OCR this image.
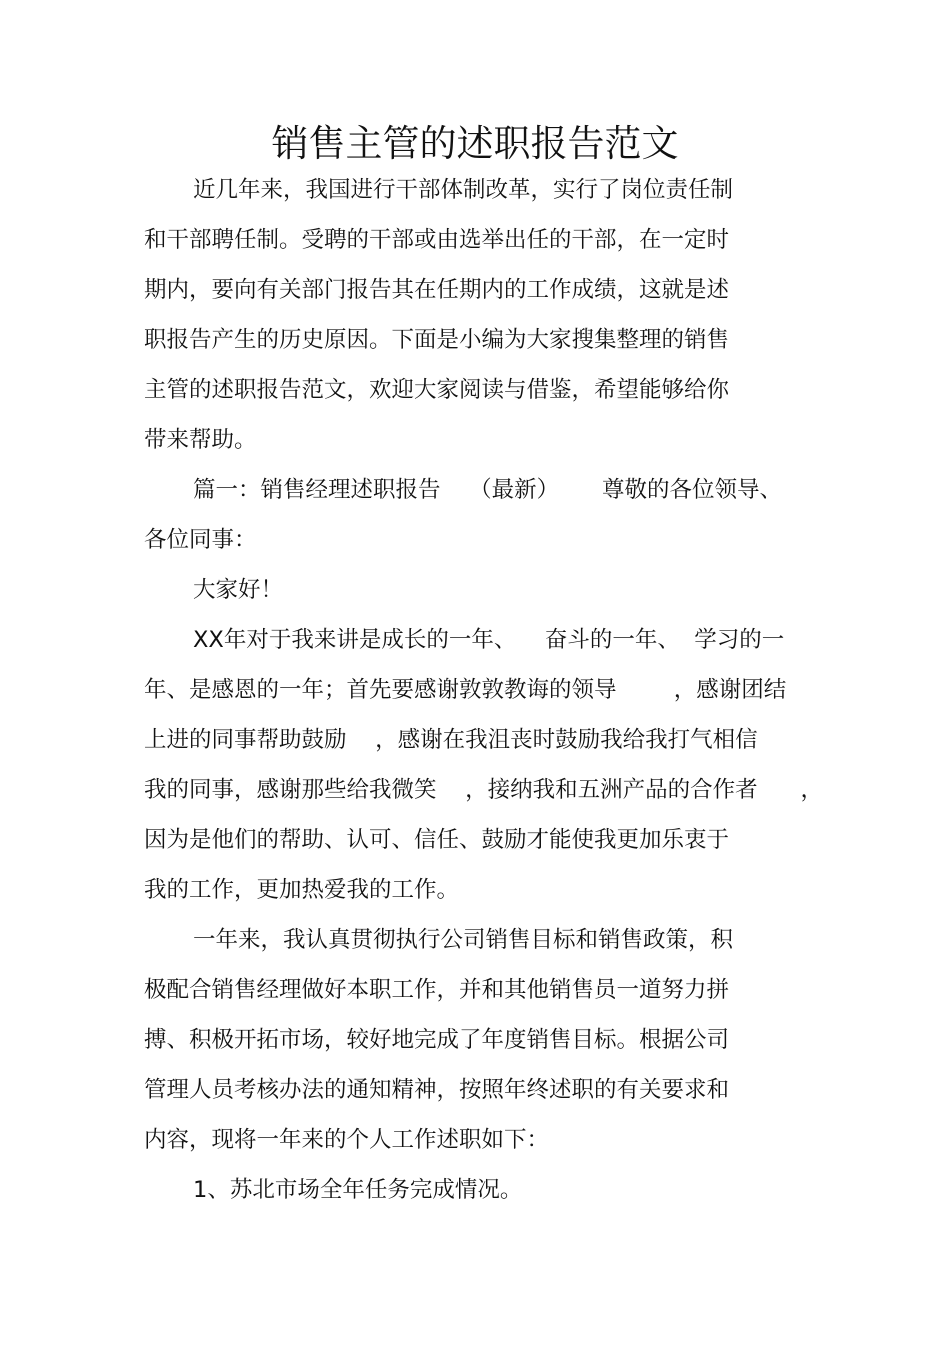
销售主管的述职报告范文
近几年来，我国进行干部体制改革，实行了岗位责任制
和干部聘任制。受聘的干部或由选举出任的干部，在一定时
期内，要向有关部门报告其在任期内的工作成绩，这就是述
职报告产生的历史原因。下面是小编为大家搜集整理的销售
主管的述职报告范文，欢迎大家阅读与借鉴，希望能够给你
带来帮助。
篇一：销售经理述职报告    （最新）      尊敬的各位领导、
各位同事：
大家好！
XX年对于我来讲是成长的一年、    奋斗的一年、  学习的一
年、是感恩的一年；首先要感谢敦敦教诲的领导        ，感谢团结
上进的同事帮助鼓励    ，感谢在我沮丧时鼓励我给我打气相信
我的同事，感谢那些给我微笑    ，接纳我和五洲产品的合作者      ，
因为是他们的帮助、认可、信任、鼓励才能使我更加乐衷于
我的工作，更加热爱我的工作。
一年来，我认真贯彻执行公司销售目标和销售政策，积
极配合销售经理做好本职工作，并和其他销售员一道努力拼
搏、积极开拓市场，较好地完成了年度销售目标。根据公司
管理人员考核办法的通知精神，按照年终述职的有关要求和
内容，现将一年来的个人工作述职如下：
1、苏北市场全年任务完成情况。
